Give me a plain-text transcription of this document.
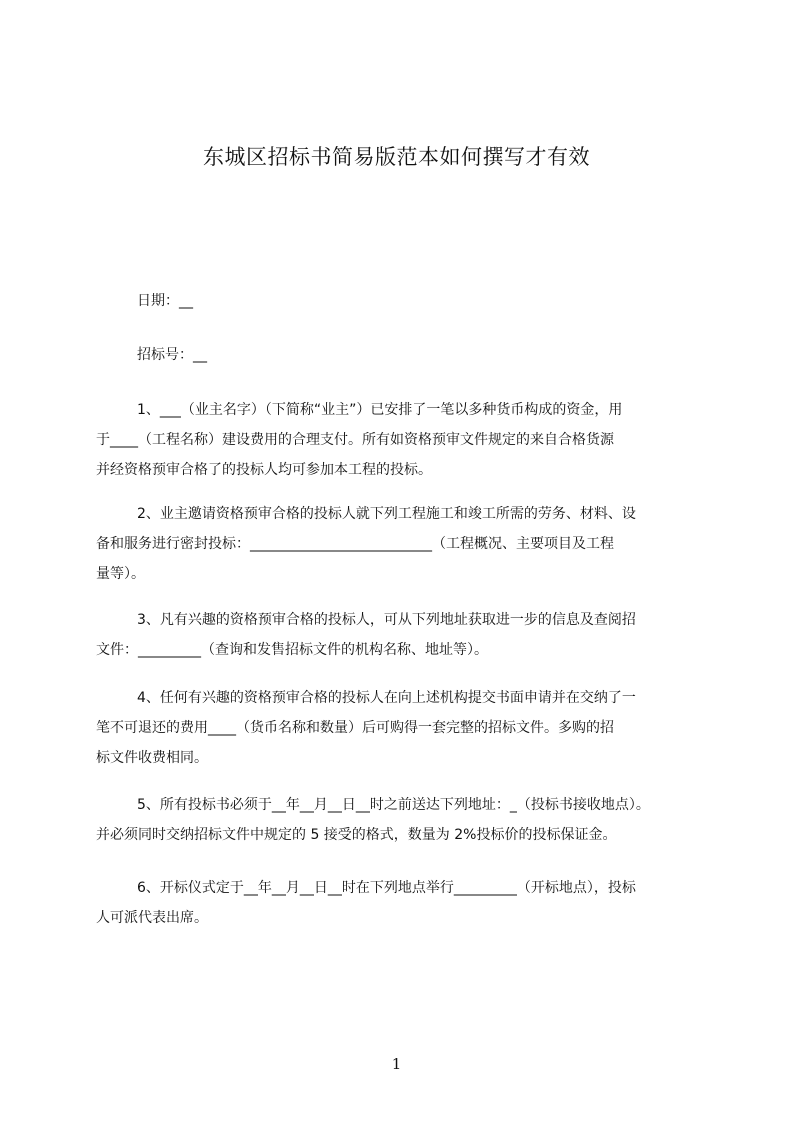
东城区招标书简易版范本如何撰写才有效
日期：__
招标号：__
1、___（业主名字）（下简称“业主”）已安排了一笔以多种货币构成的资金，用
于____（工程名称）建设费用的合理支付。所有如资格预审文件规定的来自合格货源
并经资格预审合格了的投标人均可参加本工程的投标。
2、业主邀请资格预审合格的投标人就下列工程施工和竣工所需的劳务、材料、设
备和服务进行密封投标：__________________________（工程概况、主要项目及工程
量等）。
3、凡有兴趣的资格预审合格的投标人，可从下列地址获取进一步的信息及查阅招
文件：_________（查询和发售招标文件的机构名称、地址等）。
4、任何有兴趣的资格预审合格的投标人在向上述机构提交书面申请并在交纳了一
笔不可退还的费用____（货币名称和数量）后可购得一套完整的招标文件。多购的招
标文件收费相同。
5、所有投标书必须于__年__月__日__时之前送达下列地址：_（投标书接收地点）。
并必须同时交纳招标文件中规定的 5 接受的格式，数量为 2%投标价的投标保证金。
6、开标仪式定于__年__月__日__时在下列地点举行_________（开标地点），投标
人可派代表出席。
1
